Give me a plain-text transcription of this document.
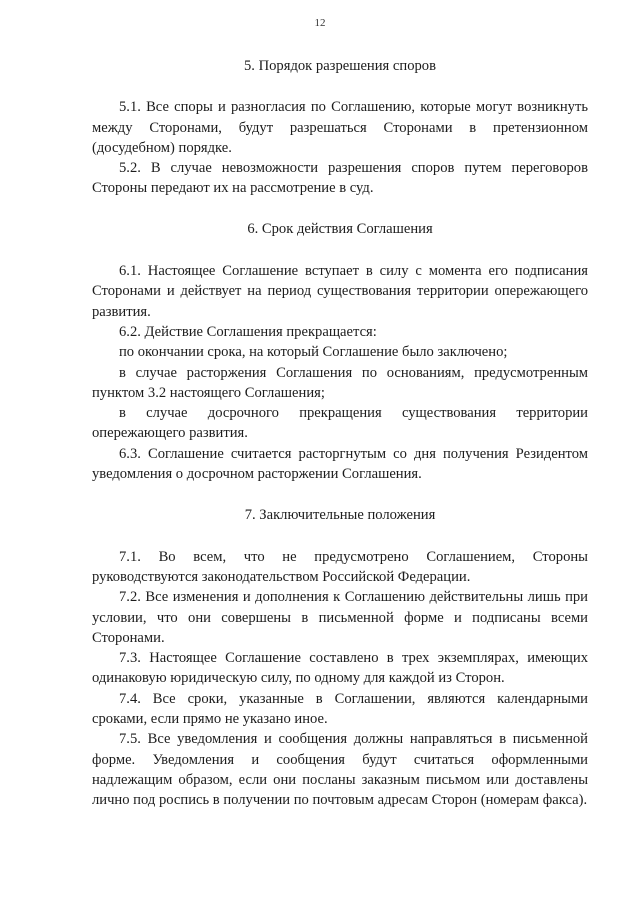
12

5. Порядок разрешения споров

5.1. Все споры и разногласия по Соглашению, которые могут возникнуть между Сторонами, будут разрешаться Сторонами в претензионном (досудебном) порядке.

5.2. В случае невозможности разрешения споров путем переговоров Стороны передают их на рассмотрение в суд.

6. Срок действия Соглашения

6.1. Настоящее Соглашение вступает в силу с момента его подписания Сторонами и действует на период существования территории опережающего развития.

6.2. Действие Соглашения прекращается:

по окончании срока, на который Соглашение было заключено;

в случае расторжения Соглашения по основаниям, предусмотренным пунктом 3.2 настоящего Соглашения;

в случае досрочного прекращения существования территории опережающего развития.

6.3. Соглашение считается расторгнутым со дня получения Резидентом уведомления о досрочном расторжении Соглашения.

7. Заключительные положения

7.1. Во всем, что не предусмотрено Соглашением, Стороны руководствуются законодательством Российской Федерации.

7.2. Все изменения и дополнения к Соглашению действительны лишь при условии, что они совершены в письменной форме и подписаны всеми Сторонами.

7.3. Настоящее Соглашение составлено в трех экземплярах, имеющих одинаковую юридическую силу, по одному для каждой из Сторон.

7.4. Все сроки, указанные в Соглашении, являются календарными сроками, если прямо не указано иное.

7.5. Все уведомления и сообщения должны направляться в письменной форме. Уведомления и сообщения будут считаться оформленными надлежащим образом, если они посланы заказным письмом или доставлены лично под роспись в получении по почтовым адресам Сторон (номерам факса).
